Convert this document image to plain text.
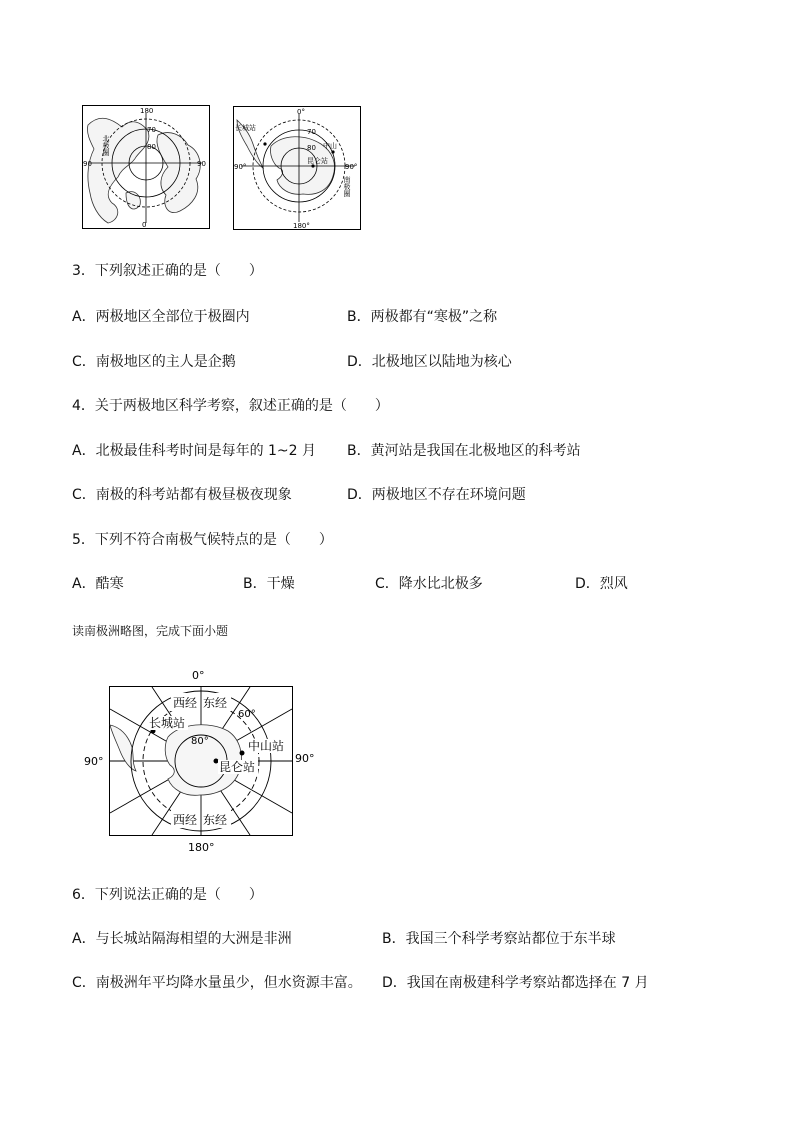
180
0
90	90
70
80
北极圈
0°
180°
90°	90°
70
80
长城站
中山
昆仑站
南极圈
3．下列叙述正确的是（　　）
A．两极地区全部位于极圈内	B．两极都有“寒极”之称
C．南极地区的主人是企鹅	D．北极地区以陆地为核心
4．关于两极地区科学考察，叙述正确的是（　　）
A．北极最佳科考时间是每年的 1~2 月 B．黄河站是我国在北极地区的科考站
C．南极的科考站都有极昼极夜现象	D．两极地区不存在环境问题
5．下列不符合南极气候特点的是（　　）
A．酷寒	B．干燥	C．降水比北极多	D．烈风
读南极洲略图，完成下面小题
0°
180°
90°	90°
西经 东经
西经 东经
60°
80°
长城站
中山站
昆仑站
6．下列说法正确的是（　　）
A．与长城站隔海相望的大洲是非洲	B．我国三个科学考察站都位于东半球
C．南极洲年平均降水量虽少，但水资源丰富。 D．我国在南极建科学考察站都选择在 7 月
